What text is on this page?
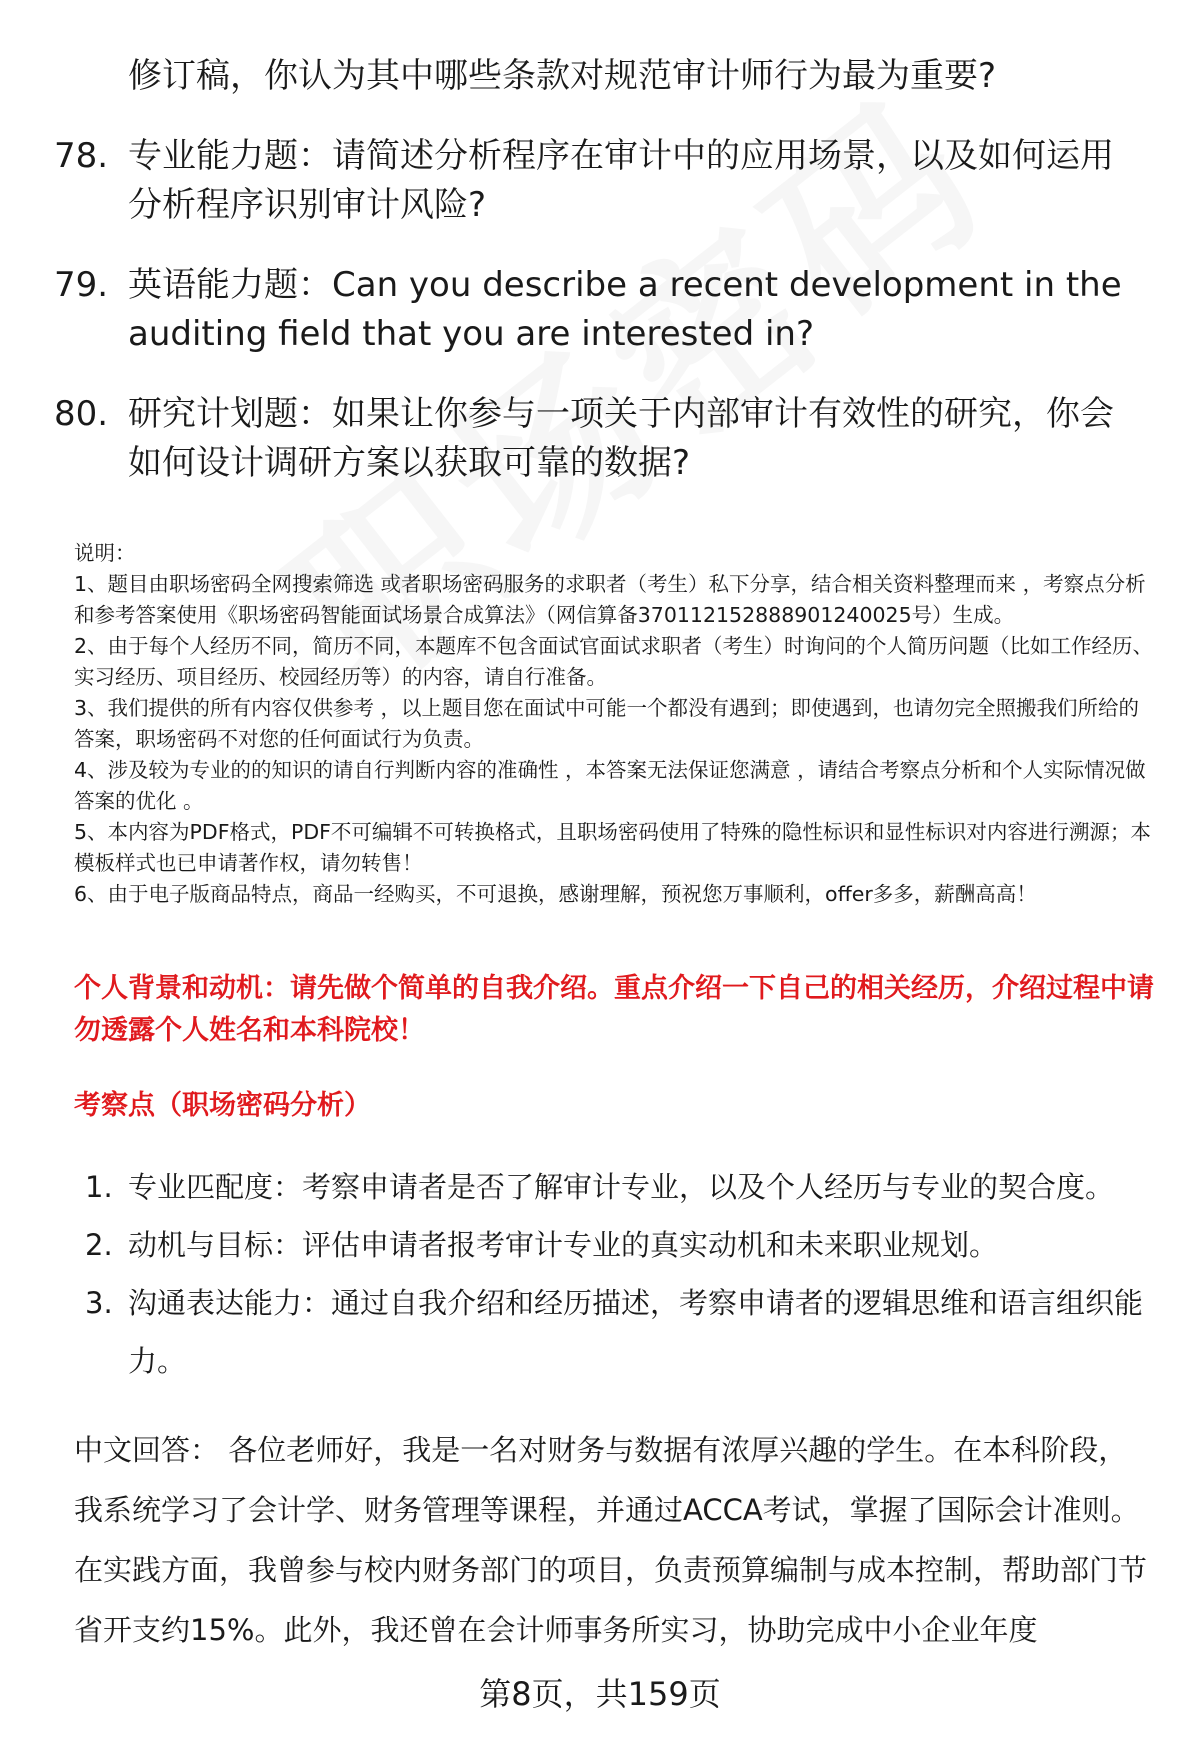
修订稿，你认为其中哪些条款对规范审计师行为最为重要?
78. 专业能力题：请简述分析程序在审计中的应用场景，以及如何运用分析程序识别审计风险?
79. 英语能力题：Can you describe a recent development in the auditing field that you are interested in?
80. 研究计划题：如果让你参与一项关于内部审计有效性的研究，你会如何设计调研方案以获取可靠的数据?

说明：

1、题目由职场密码全网搜索筛选 或者职场密码服务的求职者（考生）私下分享，结合相关资料整理而来 ，考察点分析和参考答案使用《职场密码智能面试场景合成算法》（网信算备370112152888901240025号）生成。

2、由于每个人经历不同，简历不同，本题库不包含面试官面试求职者（考生）时询问的个人简历问题（比如工作经历、实习经历、项目经历、校园经历等）的内容，请自行准备。

3、我们提供的所有内容仅供参考 ，以上题目您在面试中可能一个都没有遇到；即使遇到，也请勿完全照搬我们所给的答案，职场密码不对您的任何面试行为负责。

4、涉及较为专业的的知识的请自行判断内容的准确性 ，本答案无法保证您满意 ，请结合考察点分析和个人实际情况做答案的优化 。

5、本内容为PDF格式，PDF不可编辑不可转换格式，且职场密码使用了特殊的隐性标识和显性标识对内容进行溯源；本模板样式也已申请著作权，请勿转售！

6、由于电子版商品特点，商品一经购买，不可退换，感谢理解，预祝您万事顺利，offer多多，薪酬高高！

个人背景和动机：请先做个简单的自我介绍。重点介绍一下自己的相关经历，介绍过程中请勿透露个人姓名和本科院校！
考察点（职场密码分析）
1. 专业匹配度：考察申请者是否了解审计专业，以及个人经历与专业的契合度。
2. 动机与目标：评估申请者报考审计专业的真实动机和未来职业规划。
3. 沟通表达能力：通过自我介绍和经历描述，考察申请者的逻辑思维和语言组织能力。
中文回答： 各位老师好，我是一名对财务与数据有浓厚兴趣的学生。在本科阶段，我系统学习了会计学、财务管理等课程，并通过ACCA考试，掌握了国际会计准则。在实践方面，我曾参与校内财务部门的项目，负责预算编制与成本控制，帮助部门节省开支约15%。此外，我还曾在会计师事务所实习，协助完成中小企业年度
第8页，共159页
